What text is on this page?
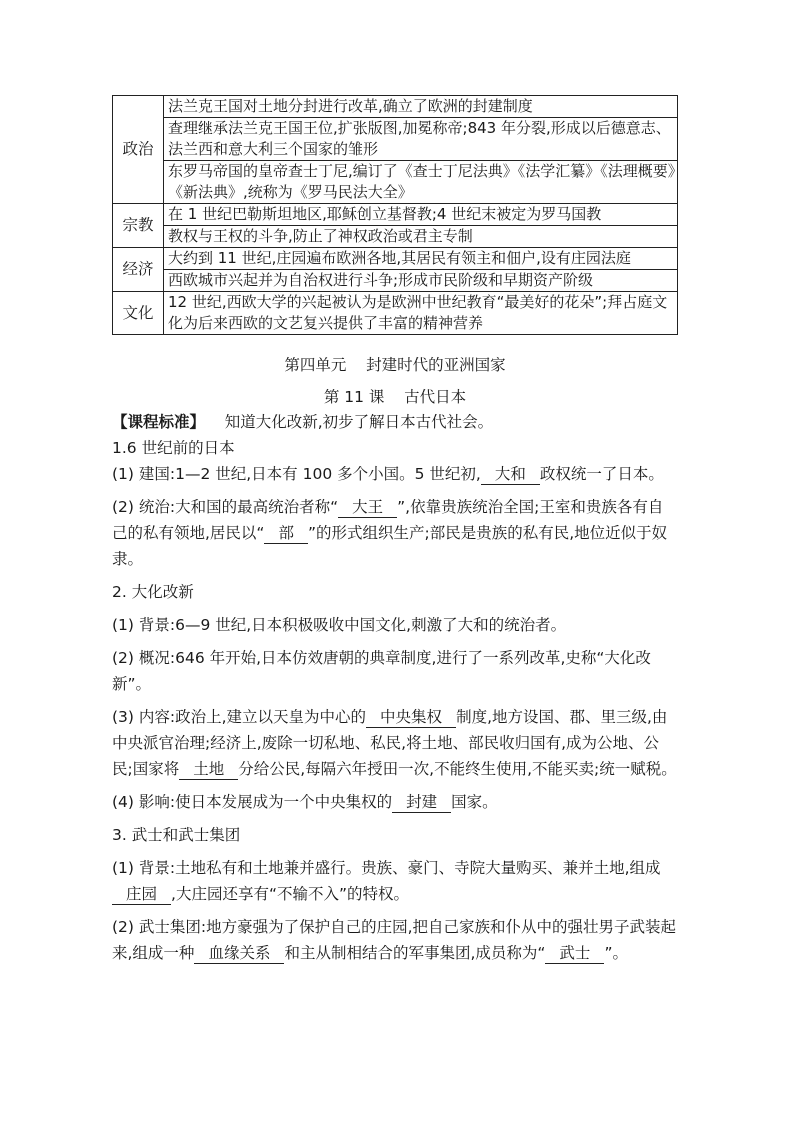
政治	法兰克王国对土地分封进行改革,确立了欧洲的封建制度
	查理继承法兰克王国王位,扩张版图,加冕称帝;843 年分裂,形成以后德意志、法兰西和意大利三个国家的雏形
	东罗马帝国的皇帝查士丁尼,编订了《查士丁尼法典》《法学汇纂》《法理概要》《新法典》,统称为《罗马民法大全》
宗教	在 1 世纪巴勒斯坦地区,耶稣创立基督教;4 世纪末被定为罗马国教
	教权与王权的斗争,防止了神权政治或君主专制
经济	大约到 11 世纪,庄园遍布欧洲各地,其居民有领主和佃户,设有庄园法庭
	西欧城市兴起并为自治权进行斗争;形成市民阶级和早期资产阶级
文化	12 世纪,西欧大学的兴起被认为是欧洲中世纪教育“最美好的花朵”;拜占庭文化为后来西欧的文艺复兴提供了丰富的精神营养
第四单元    封建时代的亚洲国家
第 11 课    古代日本

【课程标准】    知道大化改新,初步了解日本古代社会。

1.6 世纪前的日本

(1) 建国:1—2 世纪,日本有 100 多个小国。5 世纪初, 大和 政权统一了日本。

(2) 统治:大和国的最高统治者称“ 大王 ”,依靠贵族统治全国;王室和贵族各有自己的私有领地,居民以“ 部 ”的形式组织生产;部民是贵族的私有民,地位近似于奴隶。

2. 大化改新

(1) 背景:6—9 世纪,日本积极吸收中国文化,刺激了大和的统治者。

(2) 概况:646 年开始,日本仿效唐朝的典章制度,进行了一系列改革,史称“大化改新”。

(3) 内容:政治上,建立以天皇为中心的 中央集权 制度,地方设国、郡、里三级,由中央派官治理;经济上,废除一切私地、私民,将土地、部民收归国有,成为公地、公民;国家将 土地 分给公民,每隔六年授田一次,不能终生使用,不能买卖;统一赋税。

(4) 影响:使日本发展成为一个中央集权的 封建 国家。

3. 武士和武士集团

(1) 背景:土地私有和土地兼并盛行。贵族、豪门、寺院大量购买、兼并土地,组成庄园 ,大庄园还享有“不输不入”的特权。

(2) 武士集团:地方豪强为了保护自己的庄园,把自己家族和仆从中的强壮男子武装起来,组成一种 血缘关系 和主从制相结合的军事集团,成员称为“ 武士 ”。
